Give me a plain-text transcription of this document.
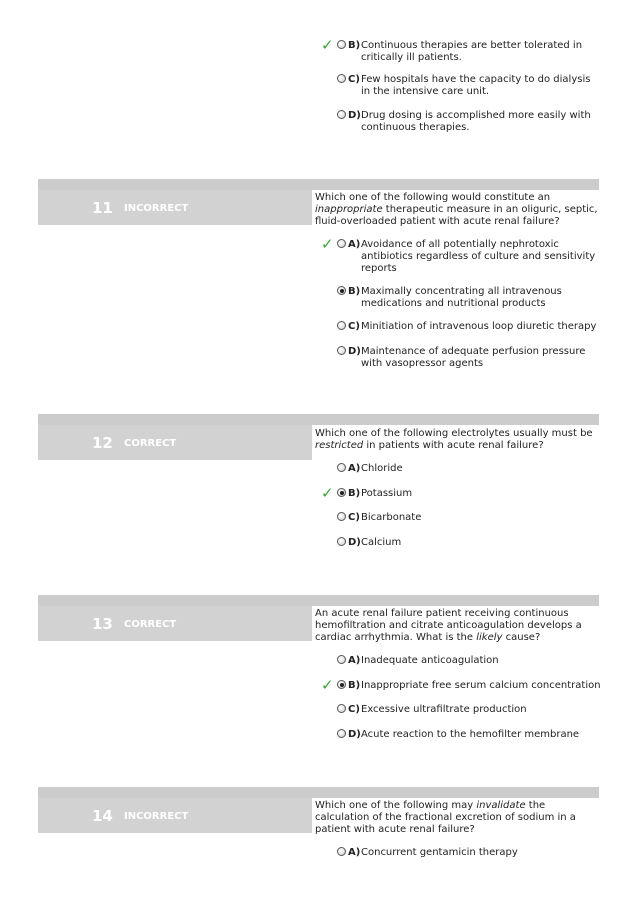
✓ B) Continuous therapies are better tolerated in critically ill patients.
C) Few hospitals have the capacity to do dialysis in the intensive care unit.
D) Drug dosing is accomplished more easily with continuous therapies.
11 INCORRECT
Which one of the following would constitute an inappropriate therapeutic measure in an oliguric, septic, fluid-overloaded patient with acute renal failure?
✓ A) Avoidance of all potentially nephrotoxic antibiotics regardless of culture and sensitivity reports
B) Maximally concentrating all intravenous medications and nutritional products
C) Minitiation of intravenous loop diuretic therapy
D) Maintenance of adequate perfusion pressure with vasopressor agents
12 CORRECT
Which one of the following electrolytes usually must be restricted in patients with acute renal failure?
A) Chloride
✓ B) Potassium
C) Bicarbonate
D) Calcium
13 CORRECT
An acute renal failure patient receiving continuous hemofiltration and citrate anticoagulation develops a cardiac arrhythmia. What is the likely cause?
A) Inadequate anticoagulation
✓ B) Inappropriate free serum calcium concentration
C) Excessive ultrafiltrate production
D) Acute reaction to the hemofilter membrane
14 INCORRECT
Which one of the following may invalidate the calculation of the fractional excretion of sodium in a patient with acute renal failure?
A) Concurrent gentamicin therapy
